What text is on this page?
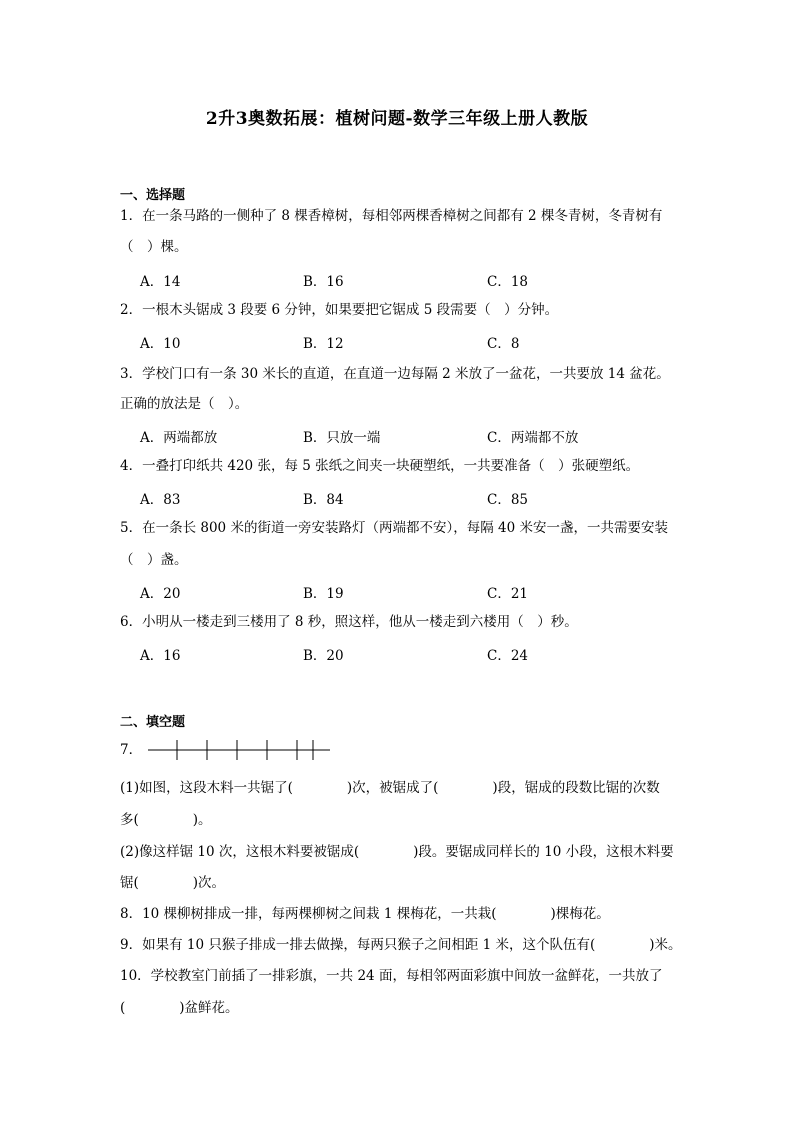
2升3奥数拓展：植树问题-数学三年级上册人教版
一、选择题
1．在一条马路的一侧种了 8 棵香樟树，每相邻两棵香樟树之间都有 2 棵冬青树，冬青树有
（　）棵。
A．14	B．16	C．18
2．一根木头锯成 3 段要 6 分钟，如果要把它锯成 5 段需要（　）分钟。
A．10	B．12	C．8
3．学校门口有一条 30 米长的直道，在直道一边每隔 2 米放了一盆花，一共要放 14 盆花。
正确的放法是（　）。
A．两端都放	B．只放一端	C．两端都不放
4．一叠打印纸共 420 张，每 5 张纸之间夹一块硬塑纸，一共要准备（　）张硬塑纸。
A．83	B．84	C．85
5．在一条长 800 米的街道一旁安装路灯（两端都不安），每隔 40 米安一盏，一共需要安装
（　）盏。
A．20	B．19	C．21
6．小明从一楼走到三楼用了 8 秒，照这样，他从一楼走到六楼用（　）秒。
A．16	B．20	C．24
二、填空题
7．
(1)如图，这段木料一共锯了(　　　　)次，被锯成了(　　　　)段，锯成的段数比锯的次数
多(　　　　)。
(2)像这样锯 10 次，这根木料要被锯成(　　　　)段。要锯成同样长的 10 小段，这根木料要
锯(　　　　)次。
8．10 棵柳树排成一排，每两棵柳树之间栽 1 棵梅花，一共栽(　　　　)棵梅花。
9．如果有 10 只猴子排成一排去做操，每两只猴子之间相距 1 米，这个队伍有(　　　　)米。
10．学校教室门前插了一排彩旗，一共 24 面，每相邻两面彩旗中间放一盆鲜花，一共放了
(　　　　)盆鲜花。
